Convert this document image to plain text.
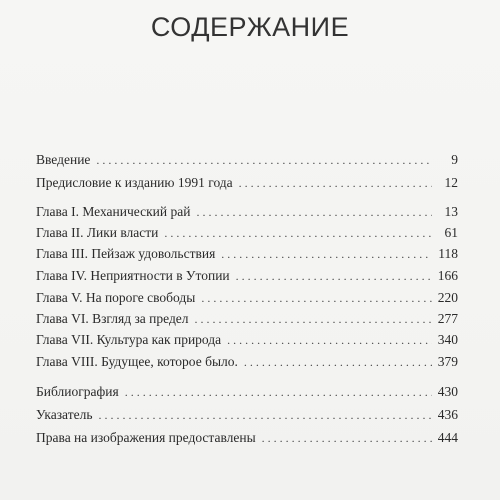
СОДЕРЖАНИЕ
Введение . . .	9
Предисловие к изданию 1991 года . . .	12
Глава I. Механический рай . . .	13
Глава II. Лики власти . . .	61
Глава III. Пейзаж удовольствия . . .	118
Глава IV. Неприятности в Утопии . . .	166
Глава V. На пороге свободы . . .	220
Глава VI. Взгляд за предел . . .	277
Глава VII. Культура как природа . . .	340
Глава VIII. Будущее, которое было. . . .	379
Библиография . . .	430
Указатель . . .	436
Права на изображения предоставлены . . .	444
